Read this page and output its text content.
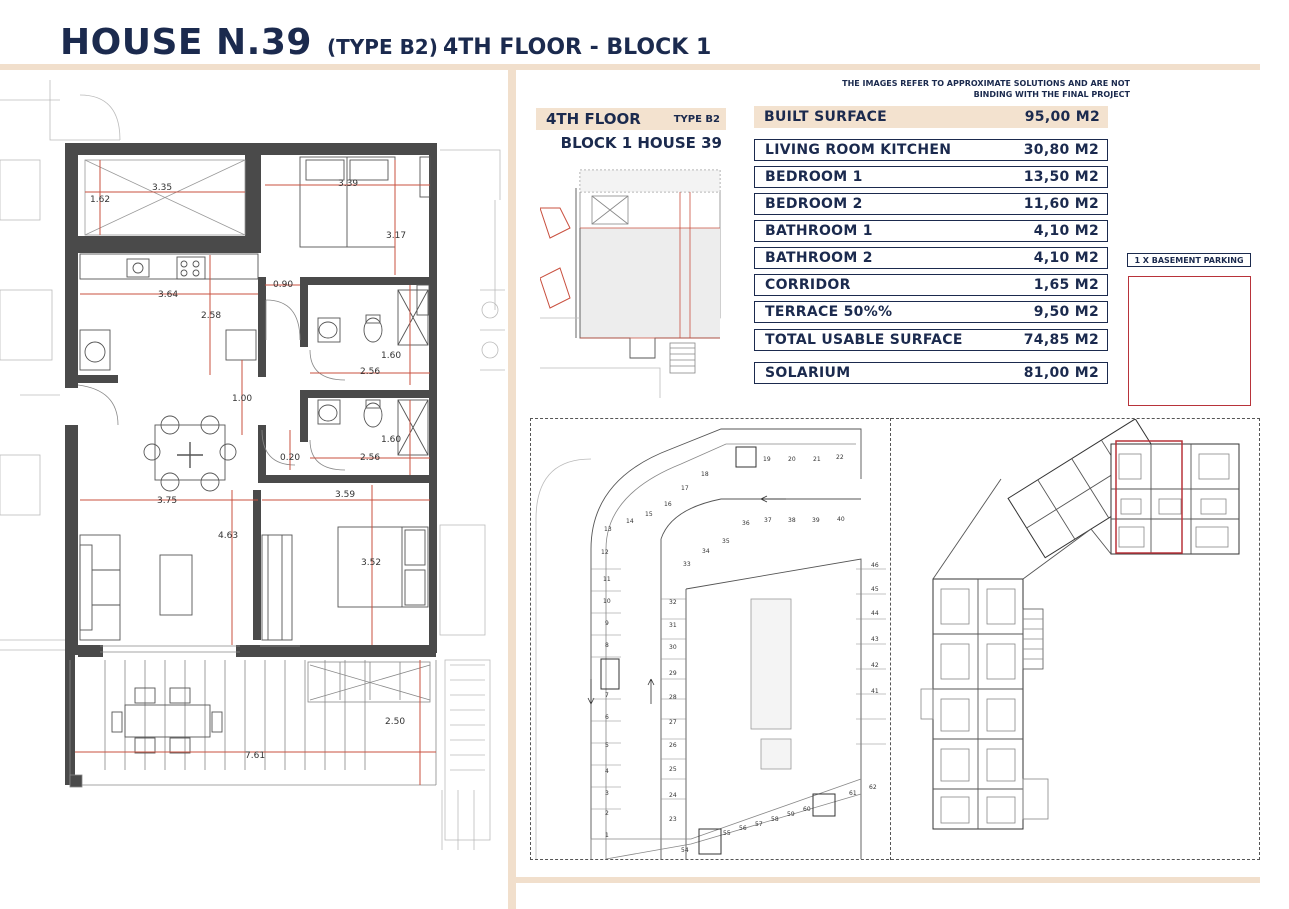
HOUSE N.39 (TYPE B2) 4TH FLOOR - BLOCK 1
THE IMAGES REFER TO APPROXIMATE SOLUTIONS AND ARE NOT
BINDING WITH THE FINAL PROJECT
4TH FLOOR	TYPE B2
BLOCK 1 HOUSE 39
BUILT SURFACE	95,00 M2
LIVING ROOM KITCHEN	30,80 M2
BEDROOM 1	13,50 M2
BEDROOM 2	11,60 M2
BATHROOM 1	4,10 M2
BATHROOM 2	4,10 M2
CORRIDOR	1,65 M2
TERRACE 50%%	9,50 M2
TOTAL USABLE SURFACE	74,85 M2
SOLARIUM	81,00 M2
1 X BASEMENT PARKING
13
14
15
16
17
18
19	20	21	22
33
34
35
36 37	38	39	40
12
11
10
9
8
7
6
5
4
3
2
1
32
31
30
29
28
27
26
25
24
23
46
45
44
43
42
41
55
56
57
58
59
60
61
62
54
3.35
1.62
3.39
3.17
0.90
3.64
2.58
1.60
2.56
1.00
1.60
0.20	2.56
3.75
3.59
4.63
3.52
2.50
7.61
